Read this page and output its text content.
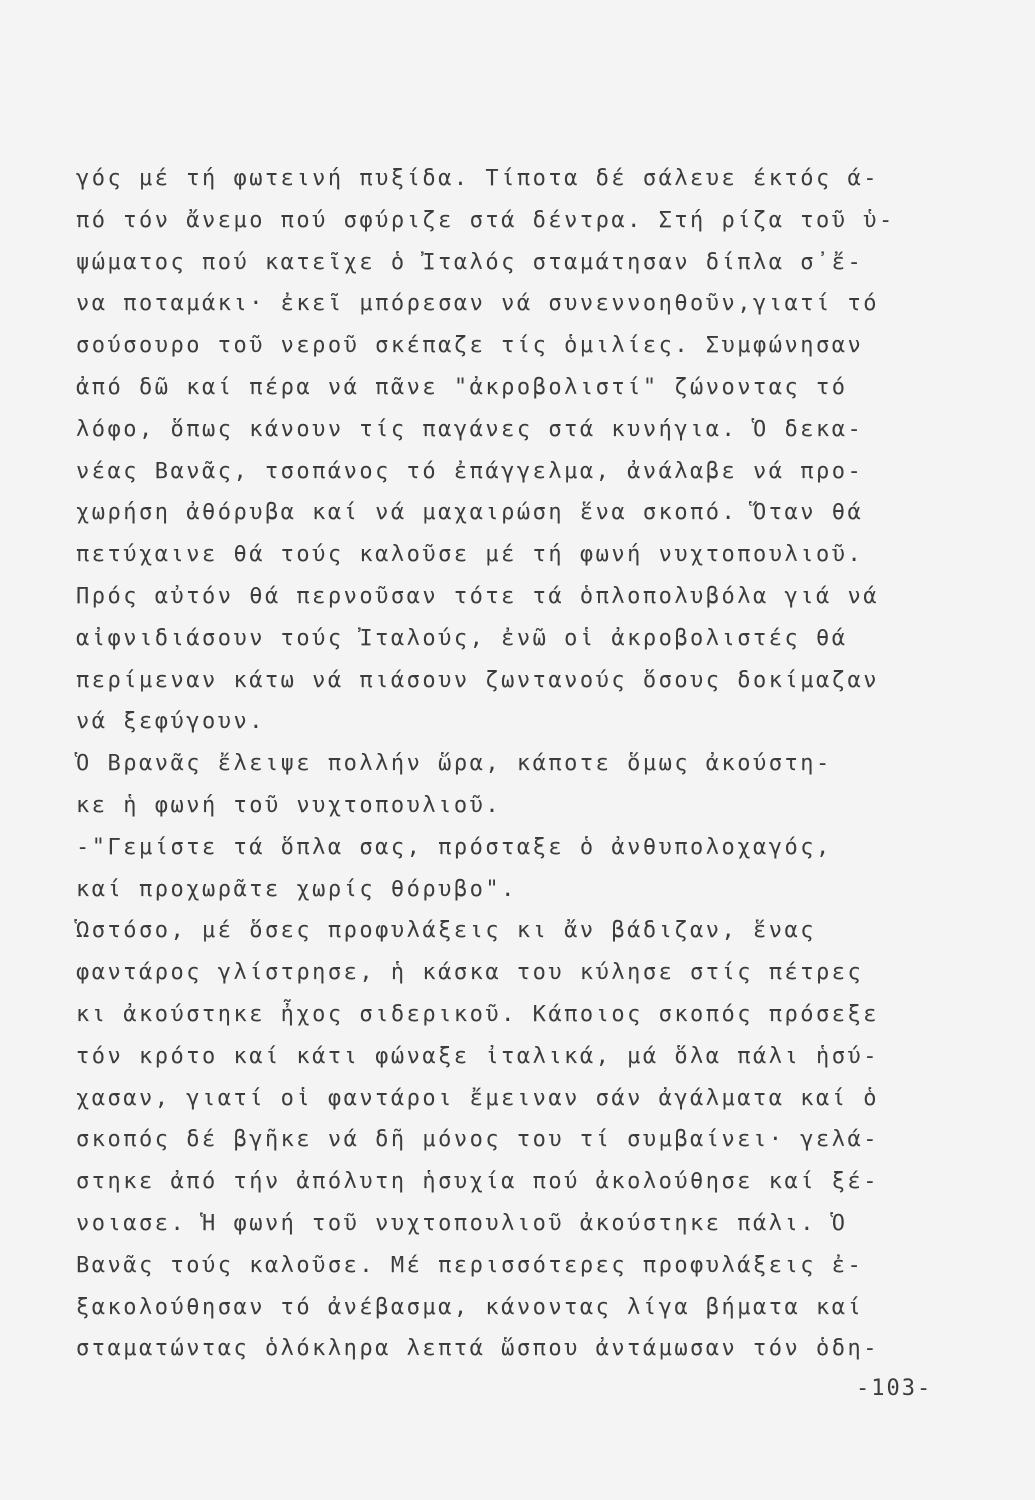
γός μέ τή φωτεινή πυξίδα. Τίποτα δέ σάλευε έκτός ά-
πό τόν ἄνεμο πού σφύριζε στά δέντρα. Στή ρίζα τοῦ ὑ-
ψώματος πού κατεῖχε ὁ Ἰταλός σταμάτησαν δίπλα σ᾽ἔ-
να ποταμάκι· ἐκεῖ μπόρεσαν νά συνεννοηθοῦν,γιατί τό
σούσουρο τοῦ νεροῦ σκέπαζε τίς ὁμιλίες. Συμφώνησαν
ἀπό δῶ καί πέρα νά πᾶνε "ἀκροβολιστί" ζώνοντας τό
λόφο, ὅπως κάνουν τίς παγάνες στά κυνήγια. Ὁ δεκα-
νέας Βανᾶς, τσοπάνος τό ἐπάγγελμα, ἀνάλαβε νά προ-
χωρήση ἀθόρυβα καί νά μαχαιρώση ἕνα σκοπό. Ὅταν θά
πετύχαινε θά τούς καλοῦσε μέ τή φωνή νυχτοπουλιοῦ.
Πρός αὐτόν θά περνοῦσαν τότε τά ὁπλοπολυβόλα γιά νά
αἰφνιδιάσουν τούς Ἰταλούς, ἐνῶ οἱ ἀκροβολιστές θά
περίμεναν κάτω νά πιάσουν ζωντανούς ὅσους δοκίμαζαν
νά ξεφύγουν.
Ὁ Βρανᾶς ἔλειψε πολλήν ὥρα, κάποτε ὅμως ἀκούστη-
κε ἡ φωνή τοῦ νυχτοπουλιοῦ.
-"Γεμίστε τά ὅπλα σας, πρόσταξε ὁ ἀνθυπολοχαγός,
καί προχωρᾶτε χωρίς θόρυβο".
Ὡστόσο, μέ ὅσες προφυλάξεις κι ἄν βάδιζαν, ἕνας
φαντάρος γλίστρησε, ἡ κάσκα του κύλησε στίς πέτρες
κι ἀκούστηκε ἦχος σιδερικοῦ. Κάποιος σκοπός πρόσεξε
τόν κρότο καί κάτι φώναξε ἰταλικά, μά ὅλα πάλι ἡσύ-
χασαν, γιατί οἱ φαντάροι ἔμειναν σάν ἀγάλματα καί ὁ
σκοπός δέ βγῆκε νά δῆ μόνος του τί συμβαίνει· γελά-
στηκε ἀπό τήν ἀπόλυτη ἡσυχία πού ἀκολούθησε καί ξέ-
νοιασε. Ἡ φωνή τοῦ νυχτοπουλιοῦ ἀκούστηκε πάλι. Ὁ
Βανᾶς τούς καλοῦσε. Μέ περισσότερες προφυλάξεις ἐ-
ξακολούθησαν τό ἀνέβασμα, κάνοντας λίγα βήματα καί
σταματώντας ὁλόκληρα λεπτά ὥσπου ἀντάμωσαν τόν ὁδη-
-103-
